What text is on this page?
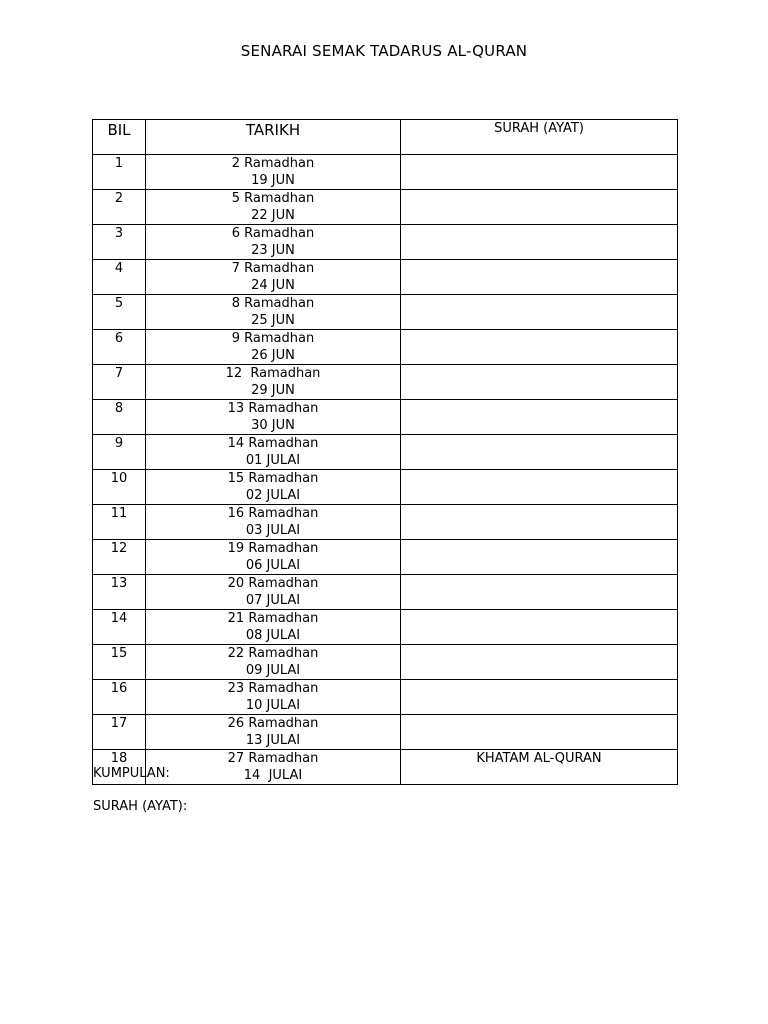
SENARAI SEMAK TADARUS AL-QURAN
BIL	TARIKH	SURAH (AYAT)
1	2 Ramadhan
19 JUN	

2	5 Ramadhan
22 JUN	

3	6 Ramadhan
23 JUN	

4	7 Ramadhan
24 JUN	

5	8 Ramadhan
25 JUN	

6	9 Ramadhan
26 JUN	

7	12  Ramadhan
29 JUN	

8	13 Ramadhan
30 JUN	

9	14 Ramadhan
01 JULAI	

10	15 Ramadhan
02 JULAI	

11	16 Ramadhan
03 JULAI	

12	19 Ramadhan
06 JULAI	

13	20 Ramadhan
07 JULAI	

14	21 Ramadhan
08 JULAI	

15	22 Ramadhan
09 JULAI	

16	23 Ramadhan
10 JULAI	

17	26 Ramadhan
13 JULAI	

18	27 Ramadhan
14  JULAI	KHATAM AL-QURAN
KUMPULAN:
SURAH (AYAT):
